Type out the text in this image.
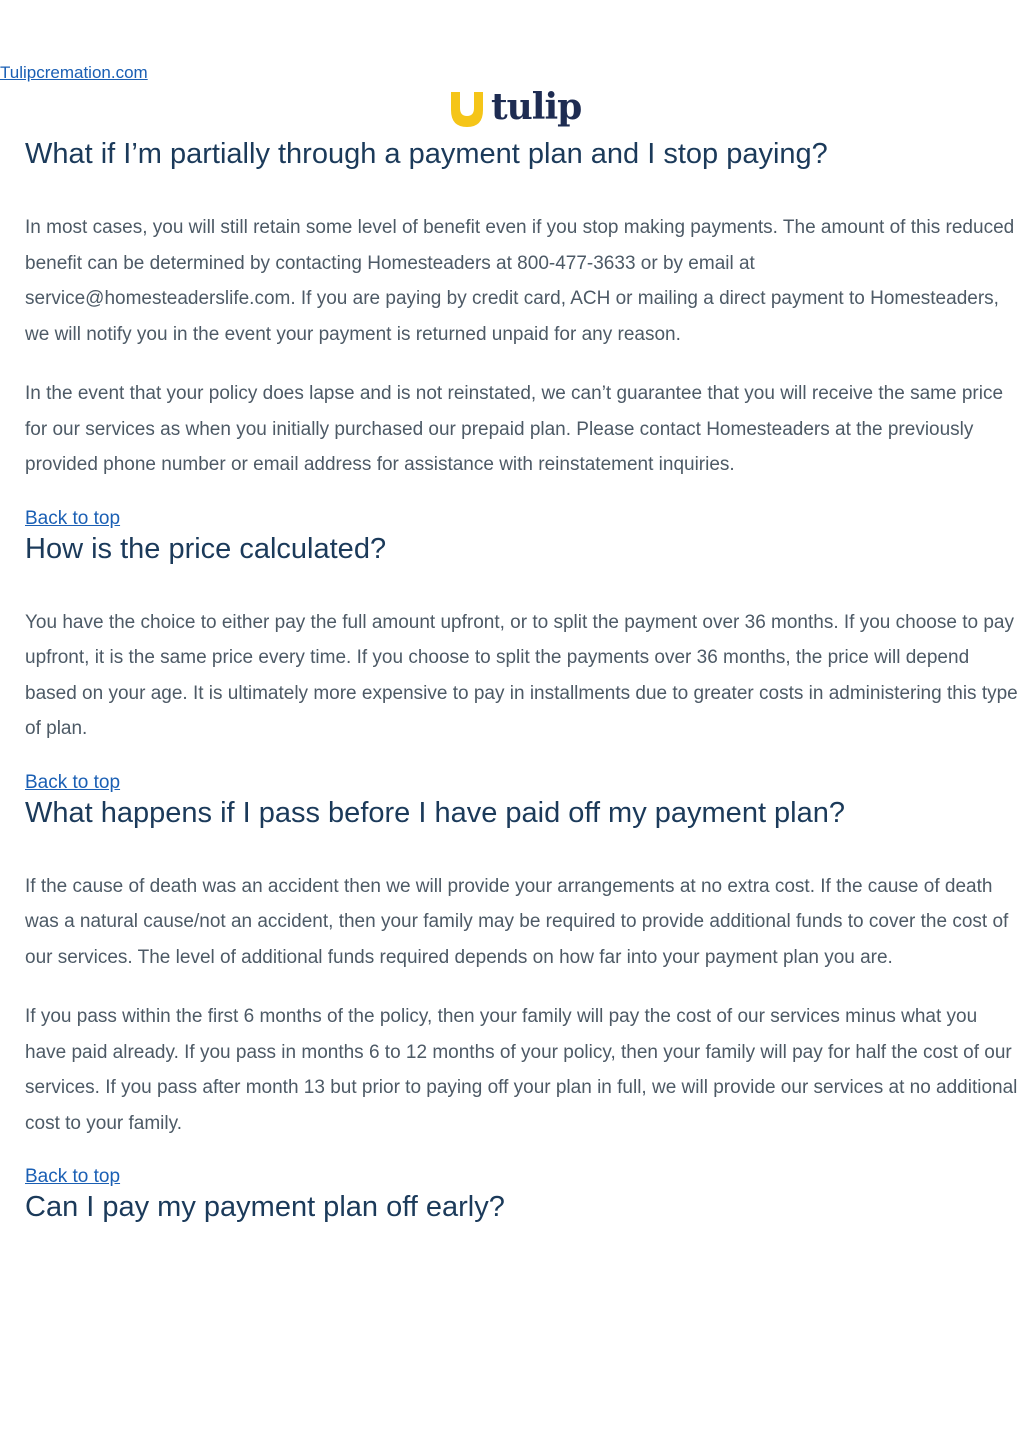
Tulipcremation.com
tulip
What if I’m partially through a payment plan and I stop paying?

In most cases, you will still retain some level of benefit even if you stop making payments. The amount of this reduced benefit can be determined by contacting Homesteaders at 800-477-3633 or by email at service@homesteaderslife.com. If you are paying by credit card, ACH or mailing a direct payment to Homesteaders, we will notify you in the event your payment is returned unpaid for any reason.

In the event that your policy does lapse and is not reinstated, we can’t guarantee that you will receive the same price for our services as when you initially purchased our prepaid plan. Please contact Homesteaders at the previously provided phone number or email address for assistance with reinstatement inquiries.

Back to top
How is the price calculated?

You have the choice to either pay the full amount upfront, or to split the payment over 36 months. If you choose to pay upfront, it is the same price every time. If you choose to split the payments over 36 months, the price will depend based on your age. It is ultimately more expensive to pay in installments due to greater costs in administering this type of plan.

Back to top
What happens if I pass before I have paid off my payment plan?

If the cause of death was an accident then we will provide your arrangements at no extra cost. If the cause of death was a natural cause/not an accident, then your family may be required to provide additional funds to cover the cost of our services. The level of additional funds required depends on how far into your payment plan you are.

If you pass within the first 6 months of the policy, then your family will pay the cost of our services minus what you have paid already. If you pass in months 6 to 12 months of your policy, then your family will pay for half the cost of our services. If you pass after month 13 but prior to paying off your plan in full, we will provide our services at no additional cost to your family.

Back to top
Can I pay my payment plan off early?
